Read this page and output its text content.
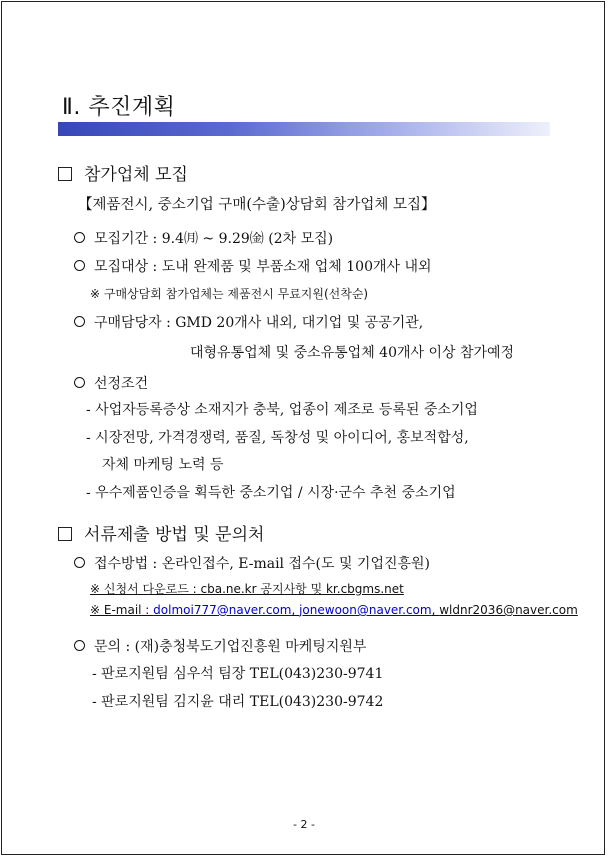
Ⅱ. 추진계획
참가업체 모집
【제품전시, 중소기업 구매(수출)상담회 참가업체 모집】
모집기간 : 9.4㈪ ~ 9.29㈮ (2차 모집)
모집대상 : 도내 완제품 및 부품소재 업체 100개사 내외
※ 구매상담회 참가업체는 제품전시 무료지원(선착순)
구매담당자 : GMD 20개사 내외, 대기업 및 공공기관,
대형유통업체 및 중소유통업체 40개사 이상 참가예정
선정조건
- 사업자등록증상 소재지가 충북, 업종이 제조로 등록된 중소기업
- 시장전망, 가격경쟁력, 품질, 독창성 및 아이디어, 홍보적합성,
자체 마케팅 노력 등
- 우수제품인증을 획득한 중소기업 / 시장·군수 추천 중소기업
서류제출 방법 및 문의처
접수방법 : 온라인접수, E-mail 접수(도 및 기업진흥원)
※ 신청서 다운로드 : cba.ne.kr 공지사항 및 kr.cbgms.net
※ E-mail : dolmoi777@naver.com, jonewoon@naver.com, wldnr2036@naver.com
문의 : (재)충청북도기업진흥원 마케팅지원부
- 판로지원팀 심우석 팀장 TEL(043)230-9741
- 판로지원팀 김지윤 대리 TEL(043)230-9742
- 2 -
